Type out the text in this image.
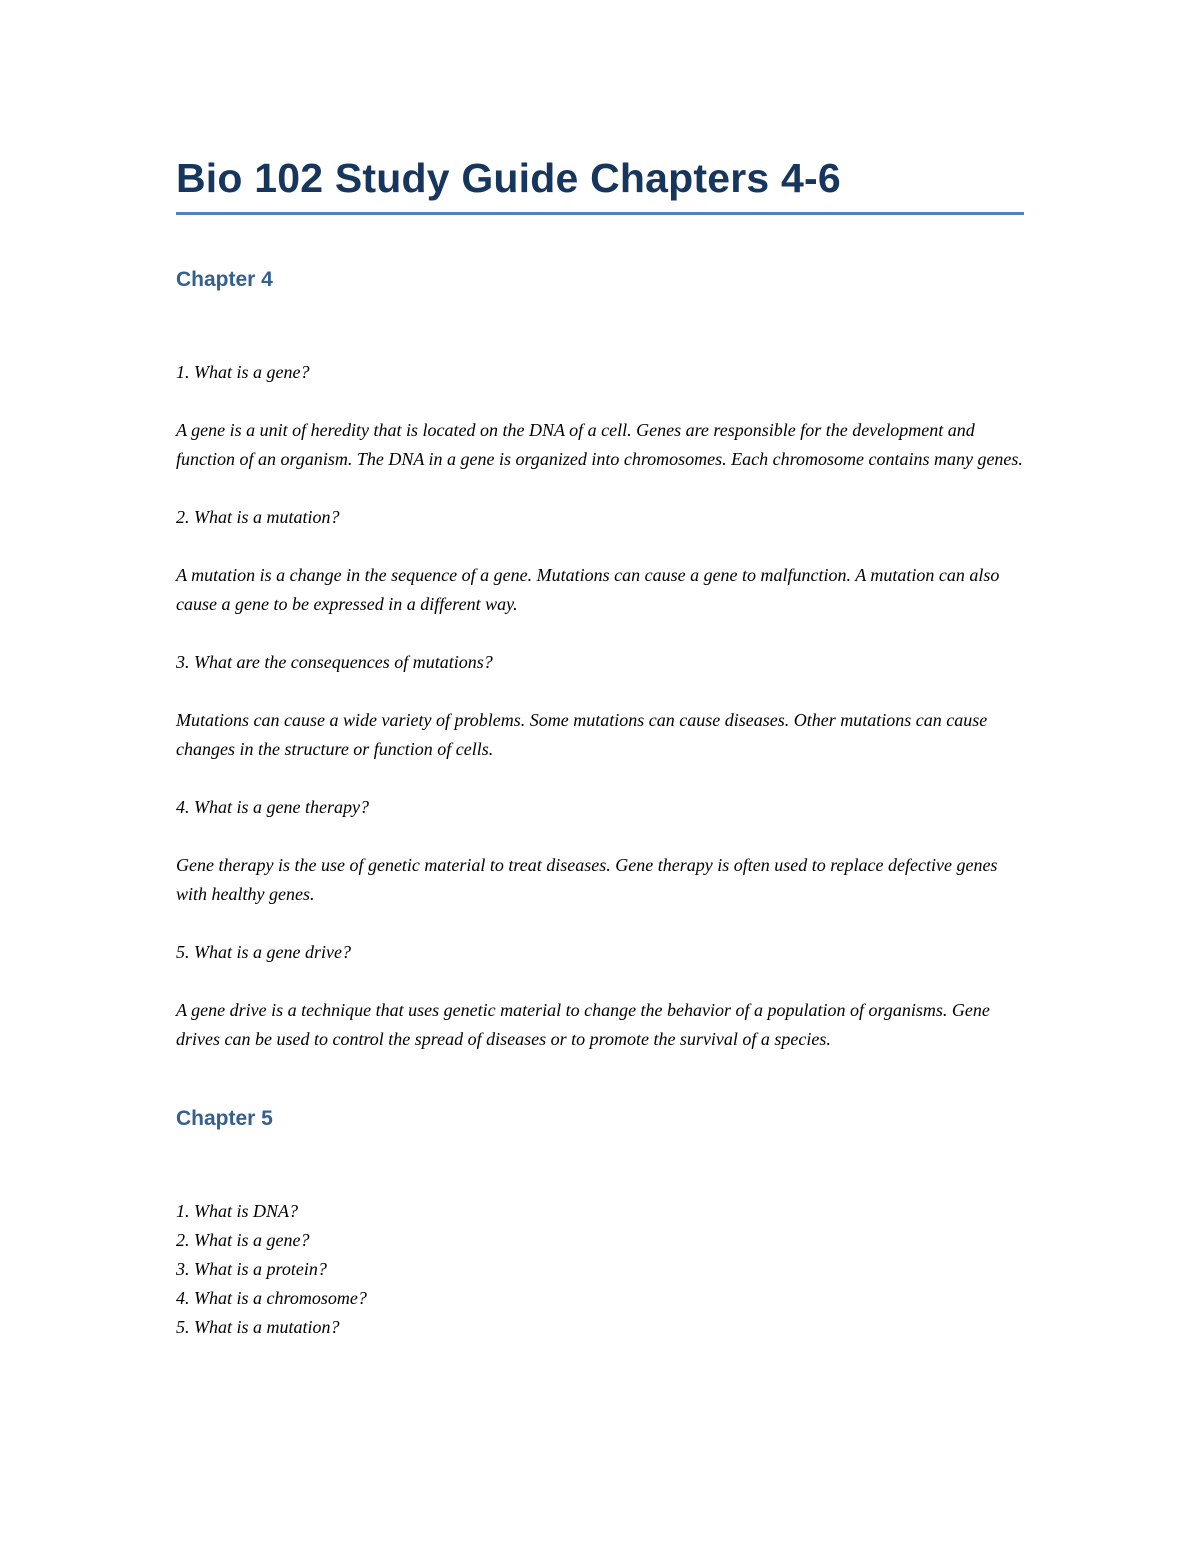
Bio 102 Study Guide Chapters 4-6
Chapter 4

1. What is a gene?

A gene is a unit of heredity that is located on the DNA of a cell. Genes are responsible for the development and function of an organism. The DNA in a gene is organized into chromosomes. Each chromosome contains many genes.

2. What is a mutation?

A mutation is a change in the sequence of a gene. Mutations can cause a gene to malfunction. A mutation can also cause a gene to be expressed in a different way.

3. What are the consequences of mutations?

Mutations can cause a wide variety of problems. Some mutations can cause diseases. Other mutations can cause changes in the structure or function of cells.

4. What is a gene therapy?

Gene therapy is the use of genetic material to treat diseases. Gene therapy is often used to replace defective genes with healthy genes.

5. What is a gene drive?

A gene drive is a technique that uses genetic material to change the behavior of a population of organisms. Gene drives can be used to control the spread of diseases or to promote the survival of a species.

Chapter 5

1. What is DNA?

2. What is a gene?

3. What is a protein?

4. What is a chromosome?

5. What is a mutation?
